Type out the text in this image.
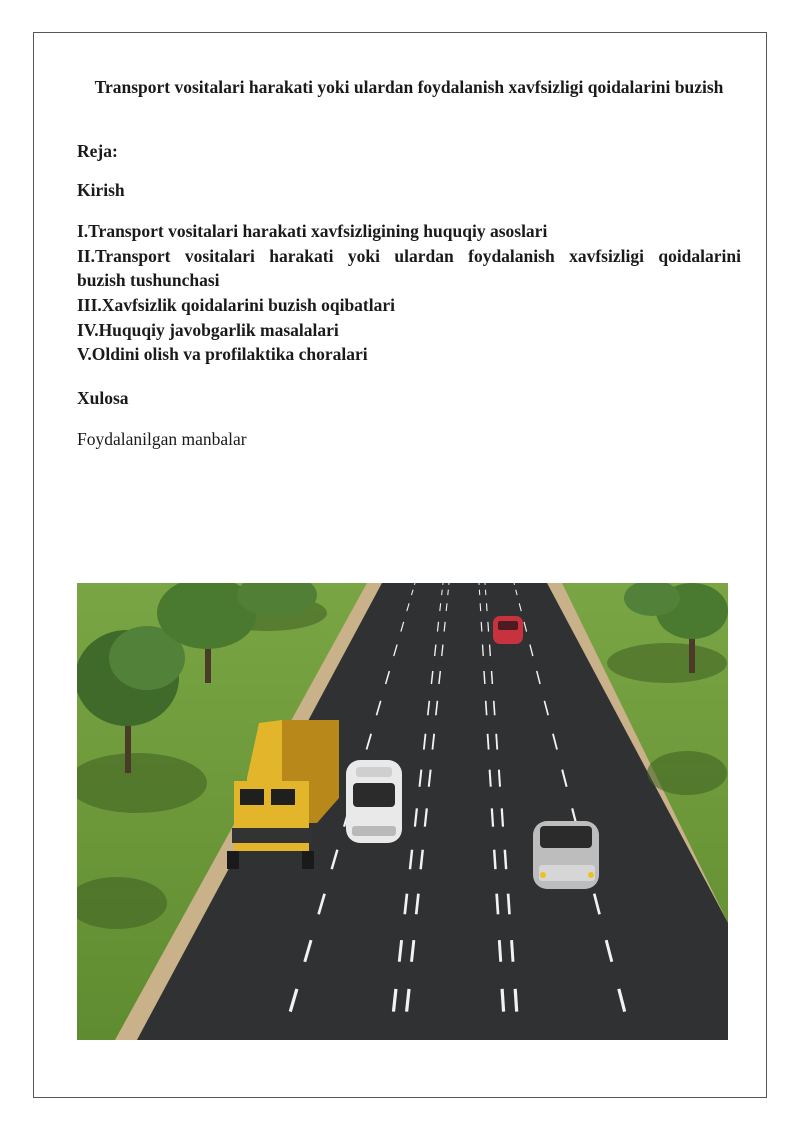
Transport vositalari harakati yoki ulardan foydalanish xavfsizligi qoidalarini buzish
Reja:
Kirish
I.Transport vositalari harakati xavfsizligining huquqiy asoslari
II.Transport vositalari harakati yoki ulardan foydalanish xavfsizligi qoidalarini
buzish tushunchasi
III.Xavfsizlik qoidalarini buzish oqibatlari
IV.Huquqiy javobgarlik masalalari
V.Oldini olish va profilaktika choralari
Xulosa
Foydalanilgan manbalar
